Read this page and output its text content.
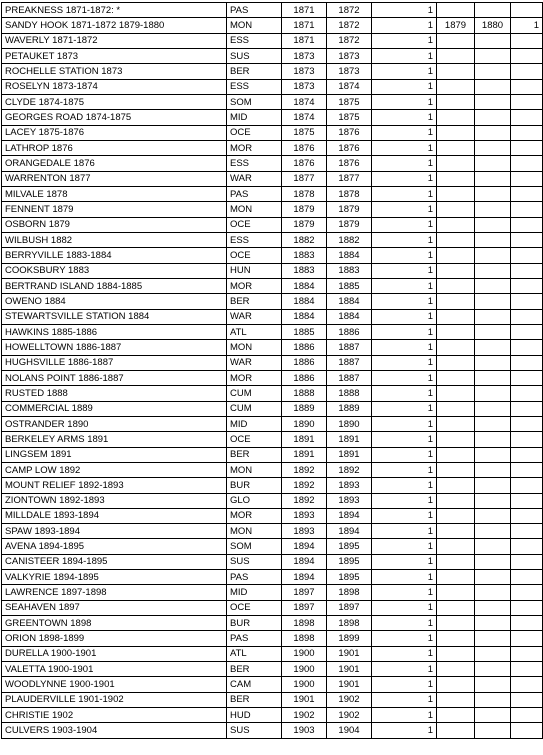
PREAKNESS 1871-1872: *	PAS	1871	1872	1			
SANDY HOOK 1871-1872 1879-1880	MON	1871	1872	1	1879	1880	1
WAVERLY 1871-1872	ESS	1871	1872	1			
PETAUKET 1873	SUS	1873	1873	1			
ROCHELLE STATION 1873	BER	1873	1873	1			
ROSELYN 1873-1874	ESS	1873	1874	1			
CLYDE 1874-1875	SOM	1874	1875	1			
GEORGES ROAD 1874-1875	MID	1874	1875	1			
LACEY 1875-1876	OCE	1875	1876	1			
LATHROP 1876	MOR	1876	1876	1			
ORANGEDALE 1876	ESS	1876	1876	1			
WARRENTON 1877	WAR	1877	1877	1			
MILVALE 1878	PAS	1878	1878	1			
FENNENT 1879	MON	1879	1879	1			
OSBORN 1879	OCE	1879	1879	1			
WILBUSH 1882	ESS	1882	1882	1			
BERRYVILLE 1883-1884	OCE	1883	1884	1			
COOKSBURY 1883	HUN	1883	1883	1			
BERTRAND ISLAND 1884-1885	MOR	1884	1885	1			
OWENO 1884	BER	1884	1884	1			
STEWARTSVILLE STATION 1884	WAR	1884	1884	1			
HAWKINS 1885-1886	ATL	1885	1886	1			
HOWELLTOWN 1886-1887	MON	1886	1887	1			
HUGHSVILLE 1886-1887	WAR	1886	1887	1			
NOLANS POINT 1886-1887	MOR	1886	1887	1			
RUSTED 1888	CUM	1888	1888	1			
COMMERCIAL 1889	CUM	1889	1889	1			
OSTRANDER 1890	MID	1890	1890	1			
BERKELEY ARMS 1891	OCE	1891	1891	1			
LINGSEM 1891	BER	1891	1891	1			
CAMP LOW 1892	MON	1892	1892	1			
MOUNT RELIEF 1892-1893	BUR	1892	1893	1			
ZIONTOWN 1892-1893	GLO	1892	1893	1			
MILLDALE 1893-1894	MOR	1893	1894	1			
SPAW 1893-1894	MON	1893	1894	1			
AVENA 1894-1895	SOM	1894	1895	1			
CANISTEER 1894-1895	SUS	1894	1895	1			
VALKYRIE 1894-1895	PAS	1894	1895	1			
LAWRENCE 1897-1898	MID	1897	1898	1			
SEAHAVEN 1897	OCE	1897	1897	1			
GREENTOWN 1898	BUR	1898	1898	1			
ORION 1898-1899	PAS	1898	1899	1			
DURELLA 1900-1901	ATL	1900	1901	1			
VALETTA 1900-1901	BER	1900	1901	1			
WOODLYNNE 1900-1901	CAM	1900	1901	1			
PLAUDERVILLE 1901-1902	BER	1901	1902	1			
CHRISTIE 1902	HUD	1902	1902	1			
CULVERS 1903-1904	SUS	1903	1904	1			
